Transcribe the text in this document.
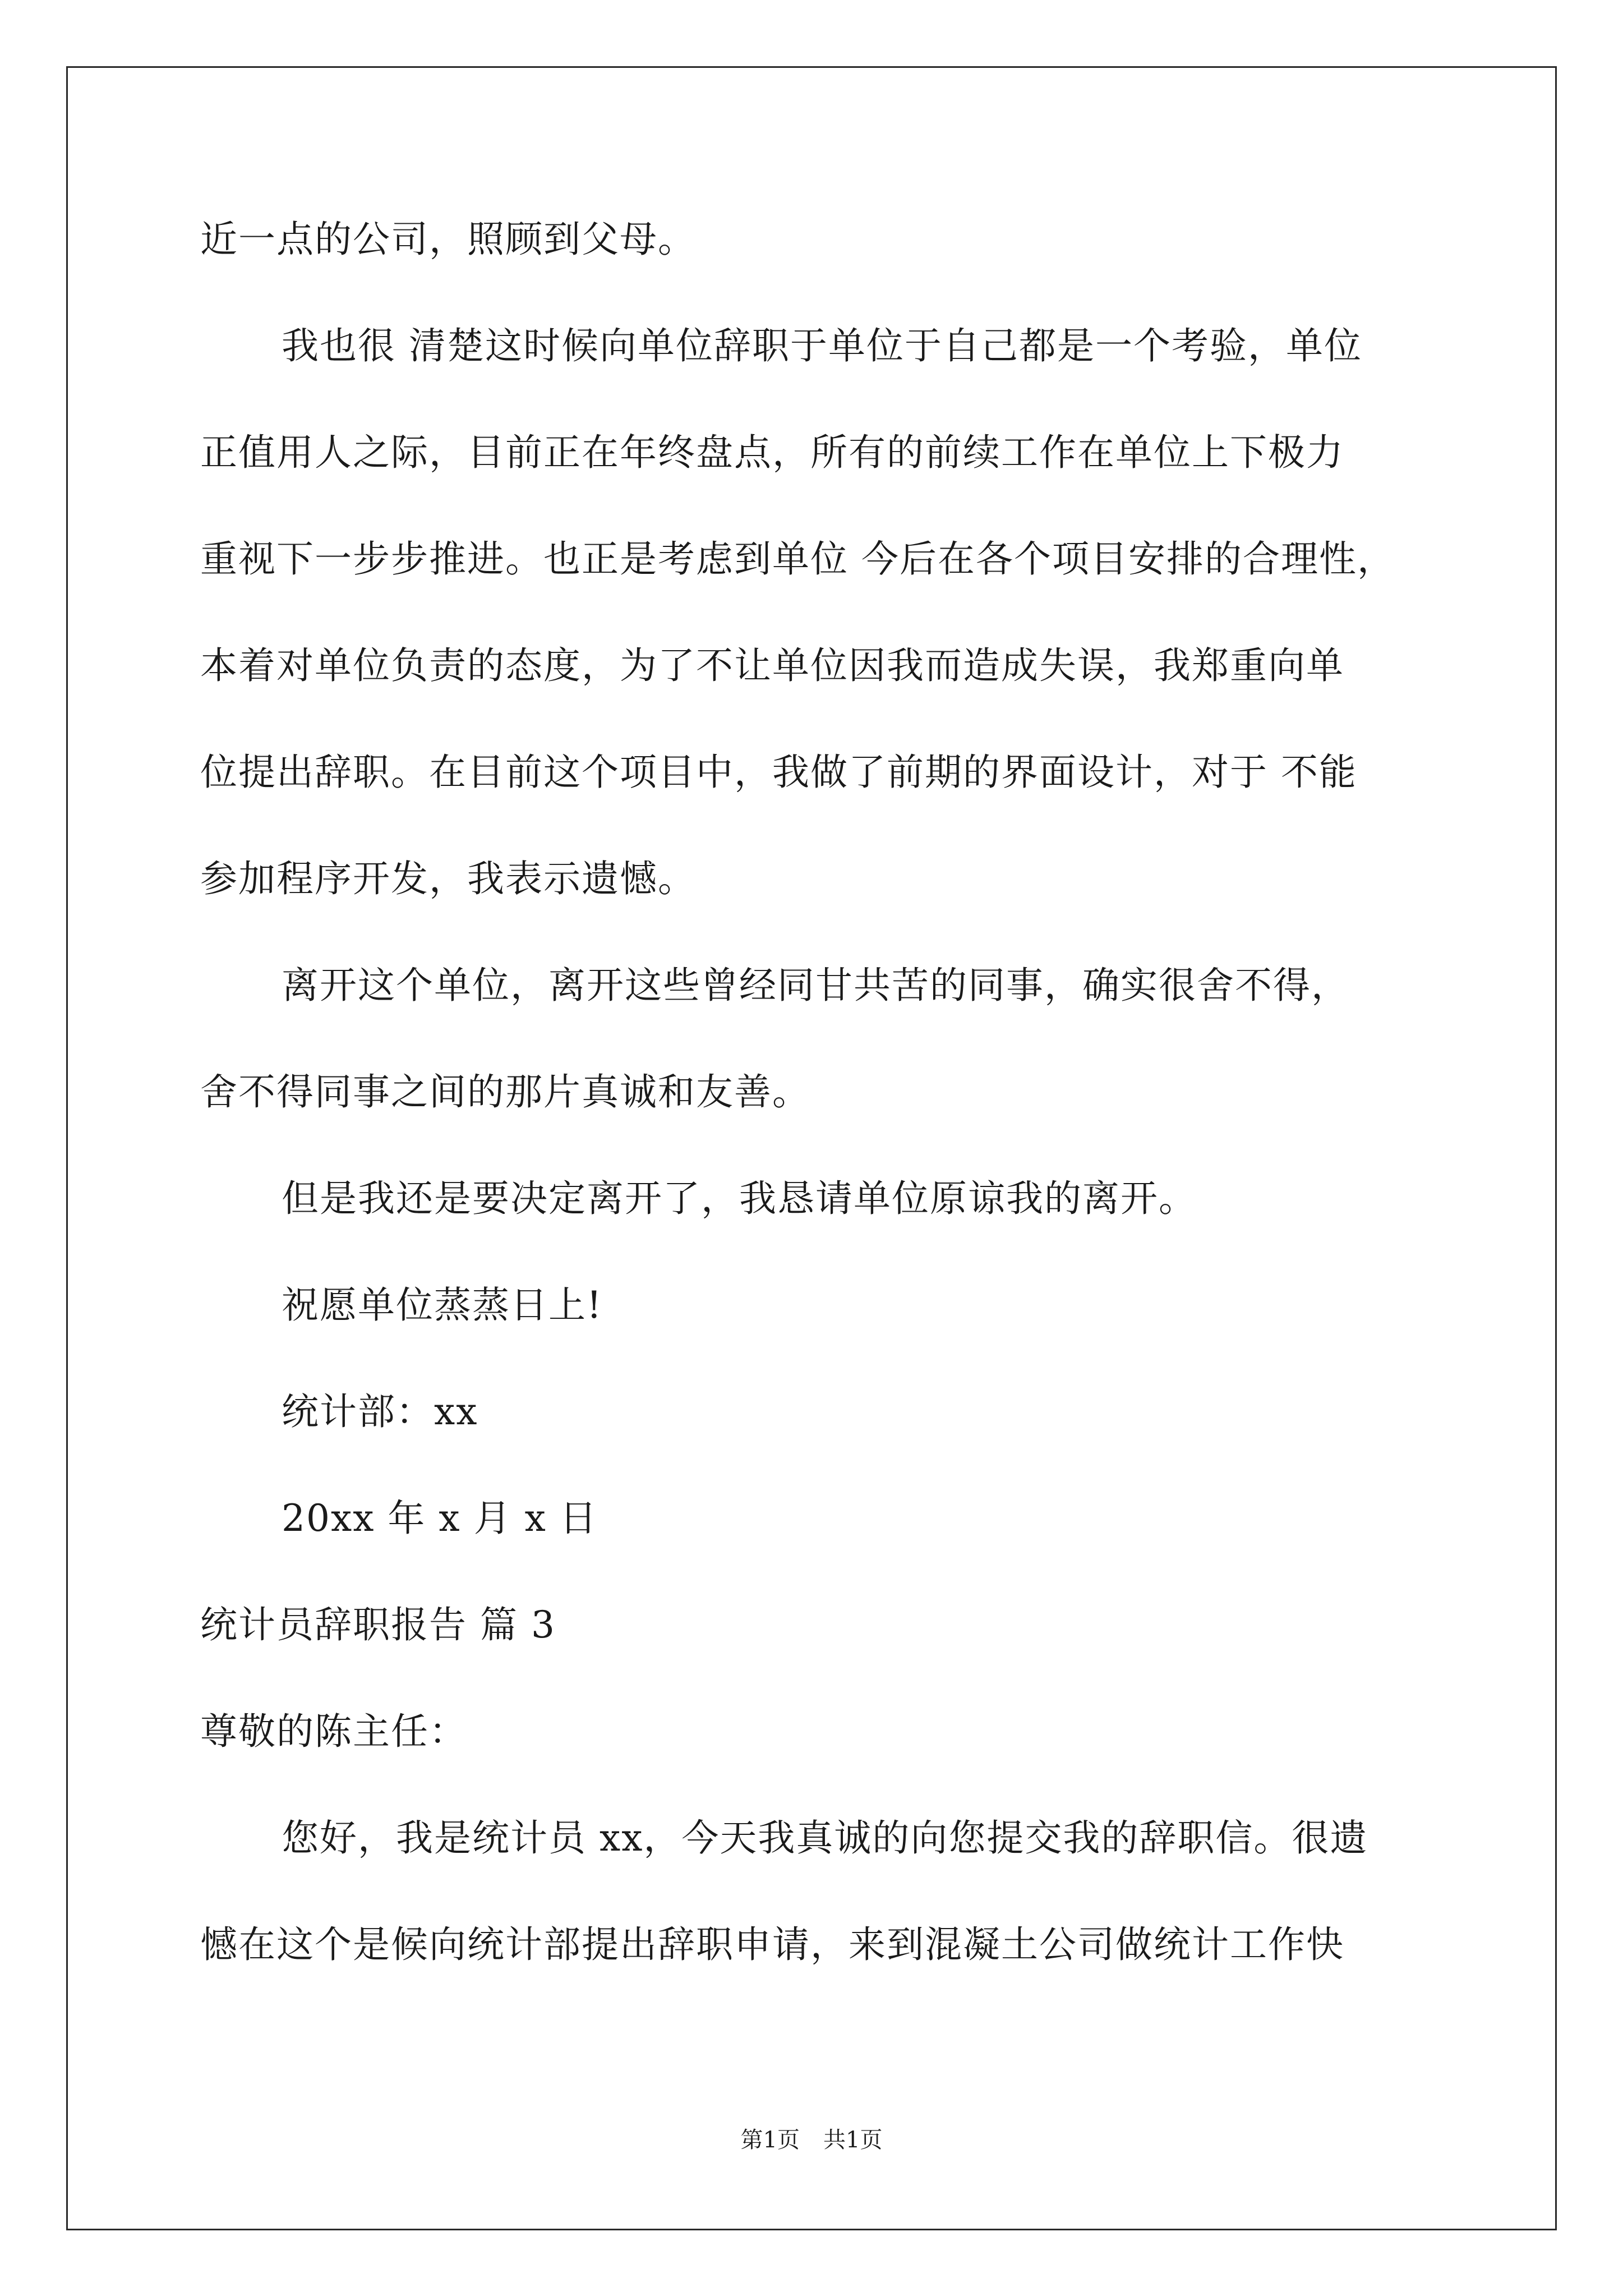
近一点的公司，照顾到父母。
我也很 清楚这时候向单位辞职于单位于自己都是一个考验，单位
正值用人之际，目前正在年终盘点，所有的前续工作在单位上下极力
重视下一步步推进。也正是考虑到单位 今后在各个项目安排的合理性，
本着对单位负责的态度，为了不让单位因我而造成失误，我郑重向单
位提出辞职。在目前这个项目中，我做了前期的界面设计，对于 不能
参加程序开发，我表示遗憾。
离开这个单位，离开这些曾经同甘共苦的同事，确实很舍不得，
舍不得同事之间的那片真诚和友善。
但是我还是要决定离开了，我恳请单位原谅我的离开。
祝愿单位蒸蒸日上!
统计部：xx
20xx 年 x 月 x 日
统计员辞职报告 篇 3
尊敬的陈主任：
您好，我是统计员 xx，今天我真诚的向您提交我的辞职信。很遗
憾在这个是候向统计部提出辞职申请，来到混凝土公司做统计工作快
第1页 共1页
